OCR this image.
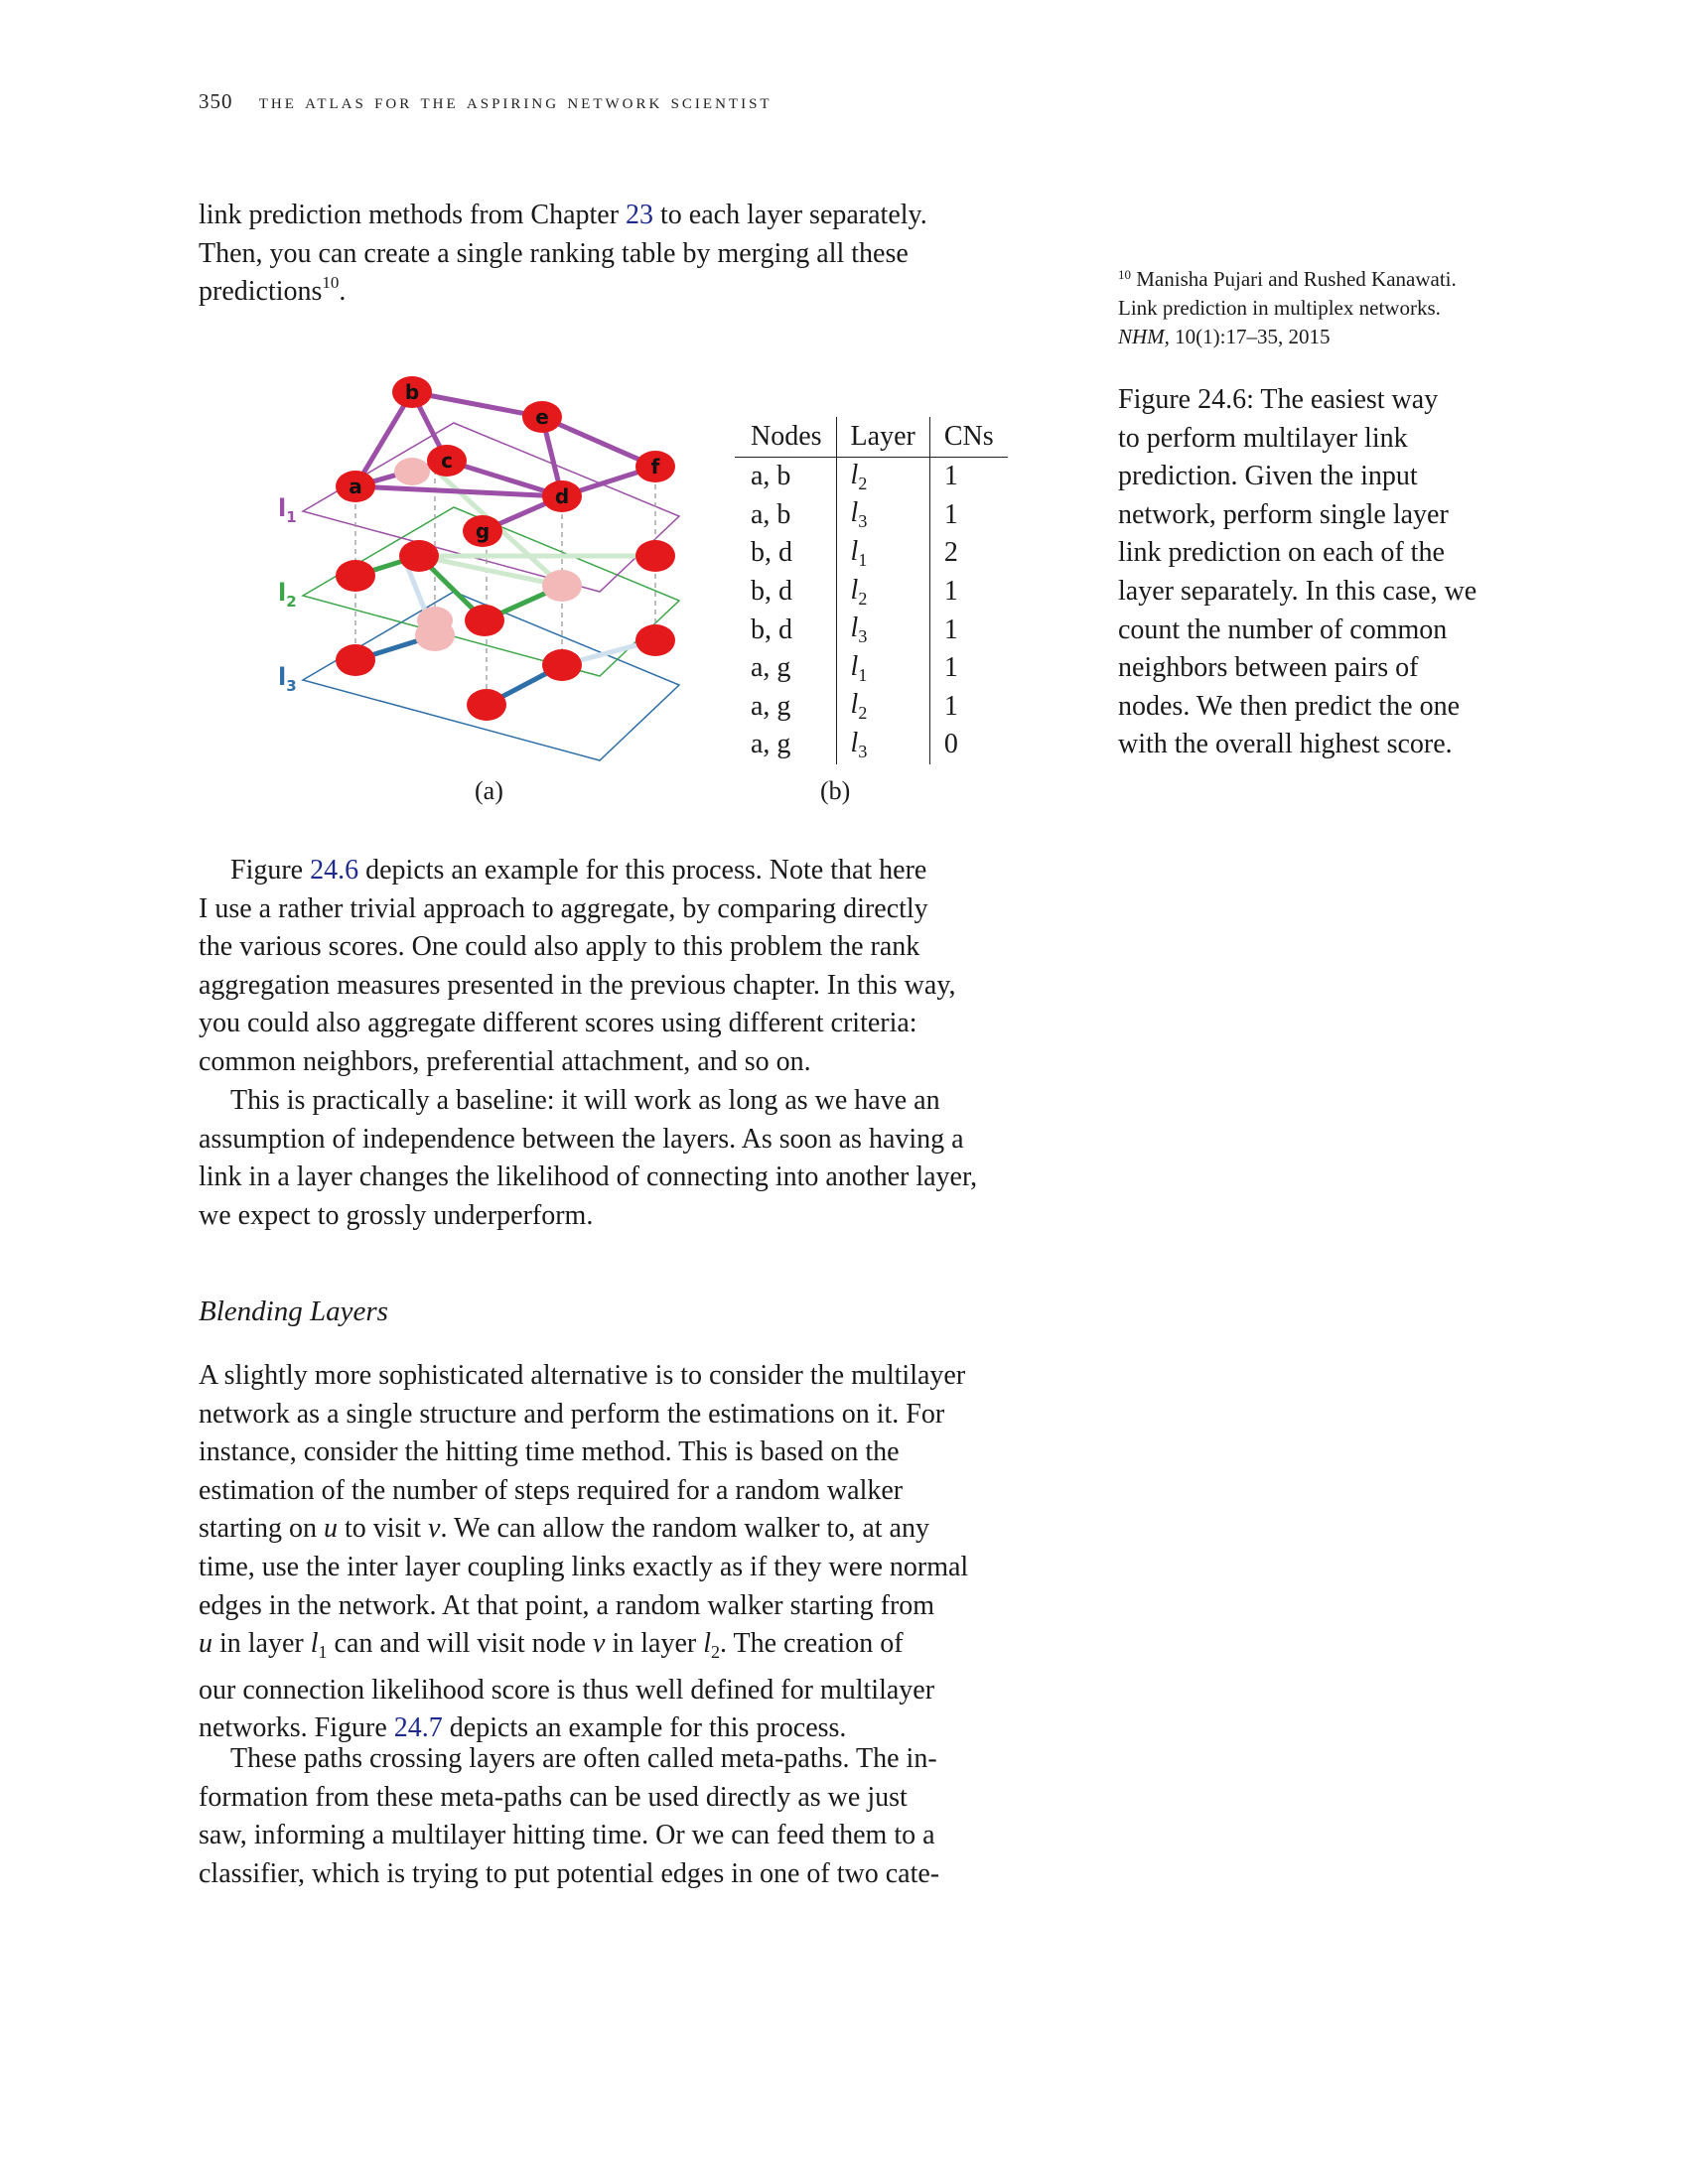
350 the atlas for the aspiring network scientist

link prediction methods from Chapter 23 to each layer separately.
Then, you can create a single ranking table by merging all these
predictions$^{10}$.

$^{10}$ Manisha Pujari and Rushed Kanawati.
Link prediction in multiplex networks.
NHM, 10(1):17–35, 2015
Figure 24.6: The easiest way
to perform multilayer link
prediction. Given the input
network, perform single layer
link prediction on each of the
layer separately. In this case, we
count the number of common
neighbors between pairs of
nodes. We then predict the one
with the overall highest score.
b
e
c	f
a	d
g
$l_1$
$l_2$
$l_3$
(a)
Nodes	Layer	CNs
a, b	$l_2$	1
a, b	$l_3$	1
b, d	$l_1$	2
b, d	$l_2$	1
b, d	$l_3$	1
a, g	$l_1$	1
a, g	$l_2$	1
a, g	$l_3$	0
(b)

Figure 24.6 depicts an example for this process. Note that here

I use a rather trivial approach to aggregate, by comparing directly

the various scores. One could also apply to this problem the rank

aggregation measures presented in the previous chapter. In this way,

you could also aggregate different scores using different criteria:

common neighbors, preferential attachment, and so on.

This is practically a baseline: it will work as long as we have an

assumption of independence between the layers. As soon as having a

link in a layer changes the likelihood of connecting into another layer,

we expect to grossly underperform.

Blending Layers

A slightly more sophisticated alternative is to consider the multilayer

network as a single structure and perform the estimations on it. For

instance, consider the hitting time method. This is based on the

estimation of the number of steps required for a random walker

starting on u to visit v. We can allow the random walker to, at any

time, use the inter layer coupling links exactly as if they were normal

edges in the network. At that point, a random walker starting from

u in layer $l_1$ can and will visit node v in layer $l_2$. The creation of

our connection likelihood score is thus well defined for multilayer

networks. Figure 24.7 depicts an example for this process.

These paths crossing layers are often called meta-paths. The in-

formation from these meta-paths can be used directly as we just

saw, informing a multilayer hitting time. Or we can feed them to a

classifier, which is trying to put potential edges in one of two cate-
